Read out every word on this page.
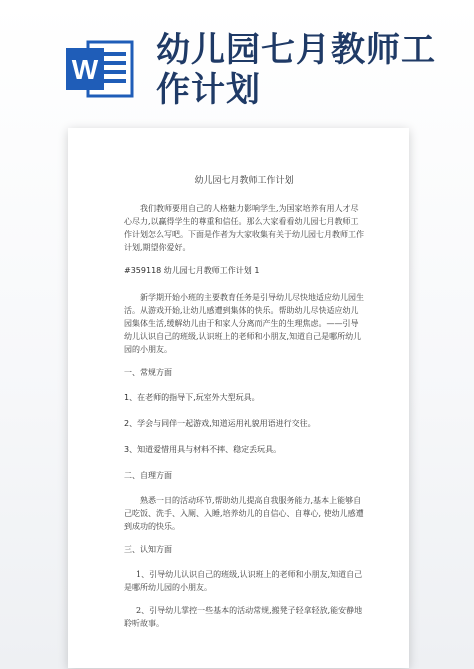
W 幼儿园七月教师工作计划
幼儿园七月教师工作计划

我们教师要用自己的人格魅力影响学生,为国家培养有用人才尽心尽力,以赢得学生的尊重和信任。那么大家看看幼儿园七月教师工作计划怎么写吧。下面是作者为大家收集有关于幼儿园七月教师工作计划,期望你爱好。

#359118 幼儿园七月教师工作计划 1

新学期开始小班的主要教育任务是引导幼儿尽快地适应幼儿园生活。从游戏开始,让幼儿感遭到集体的快乐。帮助幼儿尽快适应幼儿园集体生活,缓解幼儿由于和家人分离而产生的生理焦虑。——引导幼儿认识自己的班级,认识班上的老师和小朋友,知道自己是哪所幼儿园的小朋友。

一、常规方面

1、在老师的指导下,玩室外大型玩具。

2、学会与同伴一起游戏,知道运用礼貌用语进行交往。

3、知道爱惜用具与材料不摔、稳定丢玩具。

二、自理方面

熟悉一日的活动环节,帮助幼儿提高自我服务能力,基本上能够自己吃饭、洗手、入厕、入睡,培养幼儿的自信心、自尊心, 使幼儿感遭到成功的快乐。

三、认知方面

1、引导幼儿认识自己的班级,认识班上的老师和小朋友,知道自己是哪所幼儿园的小朋友。

2、引导幼儿掌控一些基本的活动常规,搬凳子轻拿轻放,能安静地聆听故事。
